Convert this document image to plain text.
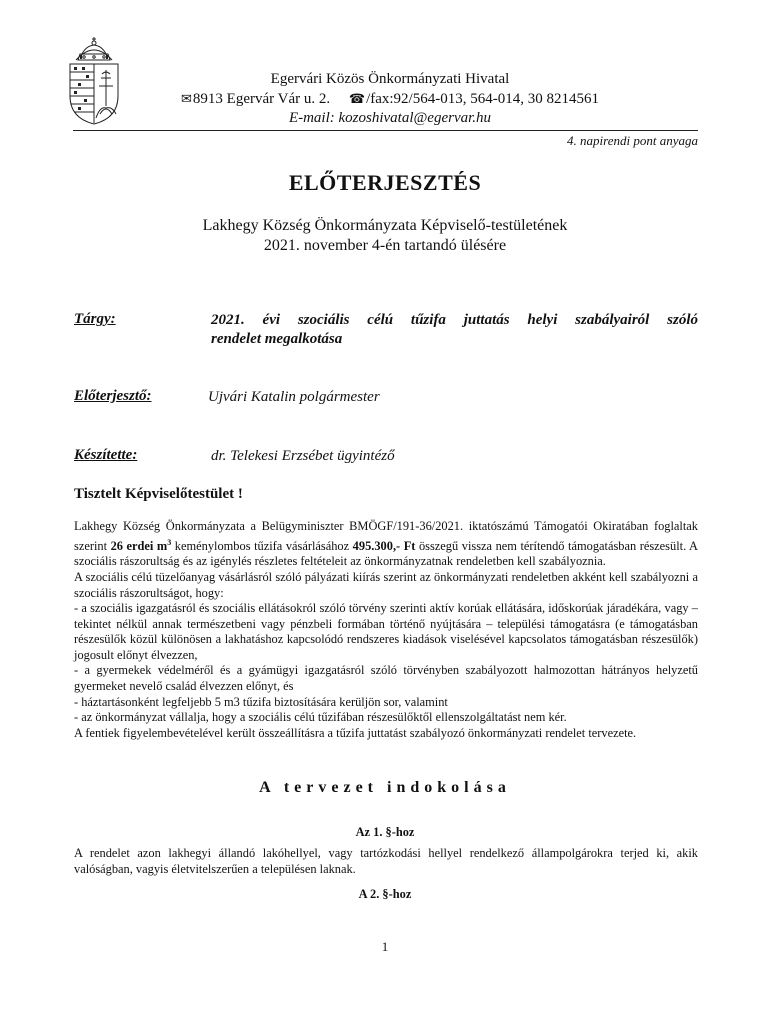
Egervári Közös Önkormányzati Hivatal
✉8913 Egervár Vár u. 2. ☎/fax:92/564-013, 564-014, 30 8214561
E-mail: kozoshivatal@egervar.hu
4. napirendi pont anyaga
ELŐTERJESZTÉS
Lakhegy Község Önkormányzata Képviselő-testületének
2021. november 4-én tartandó ülésére
Tárgy:	2021. évi szociális célú tűzifa juttatás helyi szabályairól szóló
rendelet megalkotása
Előterjesztő:	Ujvári Katalin polgármester
Készítette:	dr. Telekesi Erzsébet ügyintéző
Tisztelt Képviselőtestület !

Lakhegy Község Önkormányzata a Belügyminiszter BMÖGF/191-36/2021. iktatószámú Támogatói Okiratában foglaltak szerint 26 erdei $m^3$ keménylombos tűzifa vásárlásához 495.300,- Ft összegű vissza nem térítendő támogatásban részesült. A szociális rászorultság és az igénylés részletes feltételeit az önkormányzatnak rendeletben kell szabályoznia.

A szociális célú tüzelőanyag vásárlásról szóló pályázati kiírás szerint az önkormányzati rendeletben akként kell szabályozni a szociális rászorultságot, hogy:

- a szociális igazgatásról és szociális ellátásokról szóló törvény szerinti aktív korúak ellátására, időskorúak járadékára, vagy – tekintet nélkül annak természetbeni vagy pénzbeli formában történő nyújtására – települési támogatásra (e támogatásban részesülők közül különösen a lakhatáshoz kapcsolódó rendszeres kiadások viselésével kapcsolatos támogatásban részesülők) jogosult előnyt élvezzen,

- a gyermekek védelméről és a gyámügyi igazgatásról szóló törvényben szabályozott halmozottan hátrányos helyzetű gyermeket nevelő család élvezzen előnyt, és

- háztartásonként legfeljebb 5 m3 tűzifa biztosítására kerüljön sor, valamint

- az önkormányzat vállalja, hogy a szociális célú tűzifában részesülőktől ellenszolgáltatást nem kér.

A fentiek figyelembevételével került összeállításra a tűzifa juttatást szabályozó önkormányzati rendelet tervezete.

A tervezet indokolása
Az 1. §-hoz
A rendelet azon lakhegyi állandó lakóhellyel, vagy tartózkodási hellyel rendelkező állampolgárokra terjed ki, akik valóságban, vagyis életvitelszerűen a településen laknak.
A 2. §-hoz
1
